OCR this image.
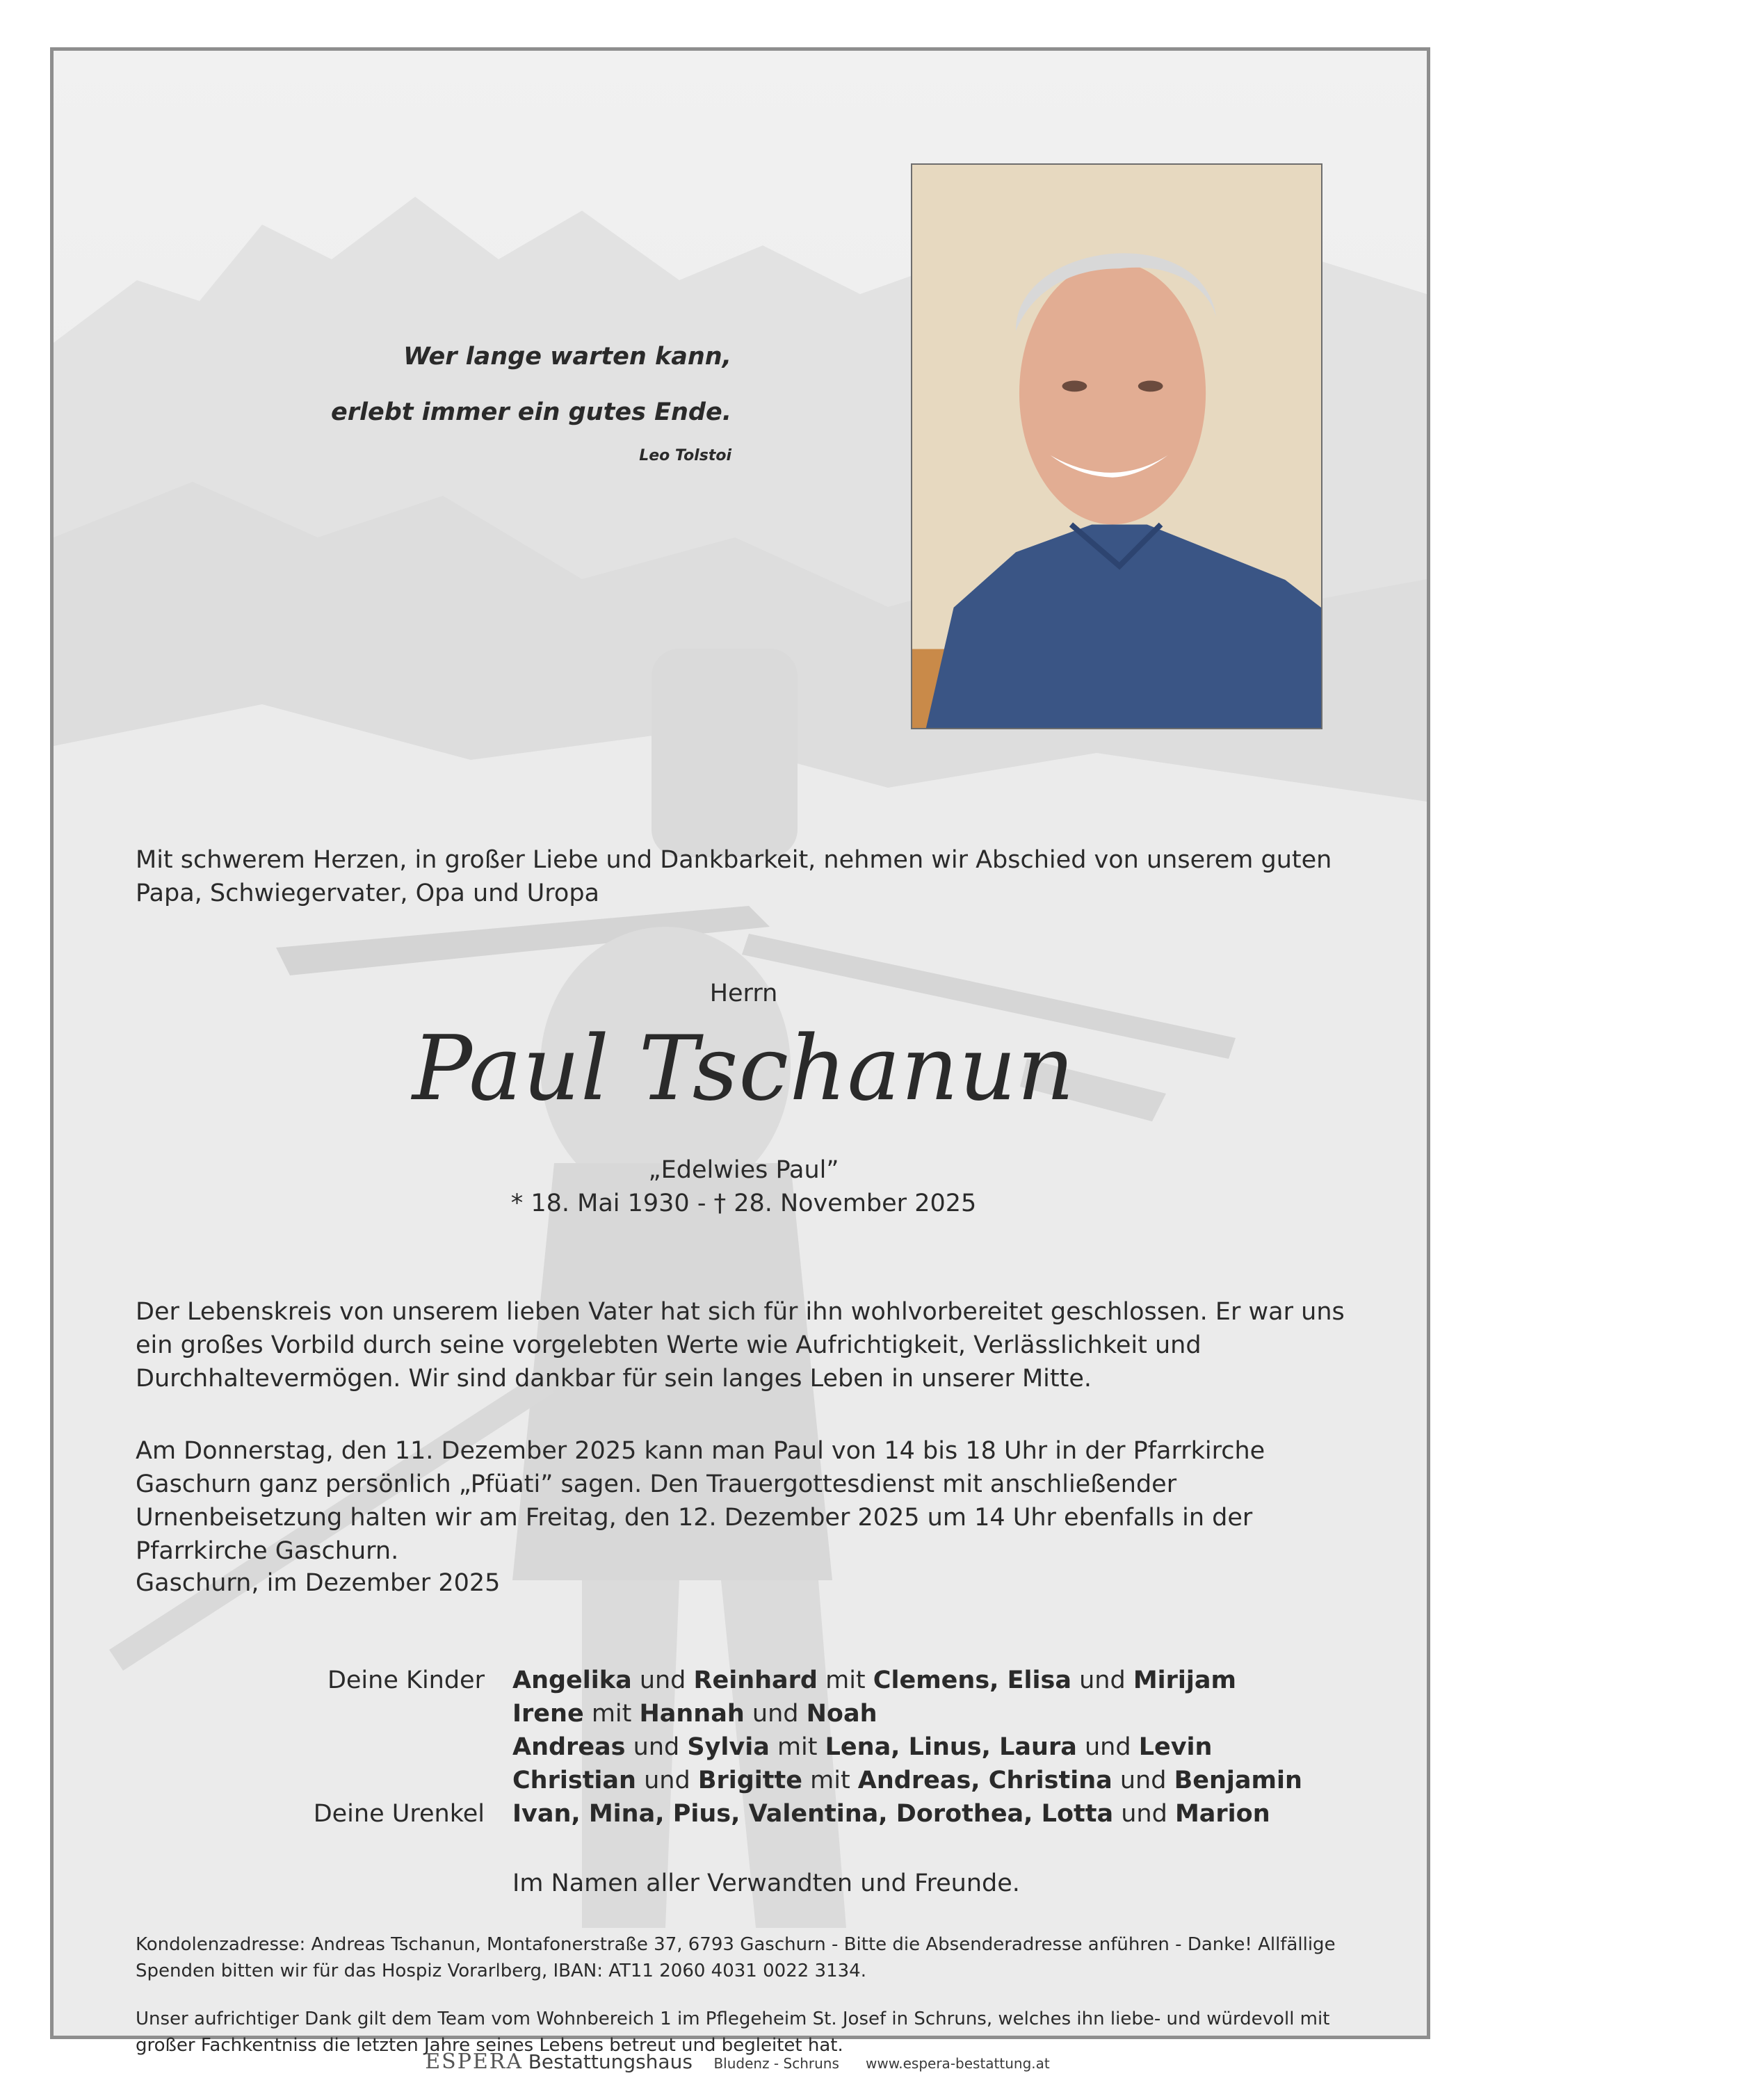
Wer lange warten kann,
erlebt immer ein gutes Ende.
Leo Tolstoi
Mit schwerem Herzen, in großer Liebe und Dankbarkeit, nehmen wir Abschied von unserem guten Papa, Schwiegervater, Opa und Uropa
Herrn
Paul Tschanun
„Edelwies Paul”
* 18. Mai 1930 - † 28. November 2025

Der Lebenskreis von unserem lieben Vater hat sich für ihn wohlvorbereitet geschlossen. Er war uns ein großes Vorbild durch seine vorgelebten Werte wie Aufrichtigkeit, Verlässlichkeit und Durchhaltevermögen. Wir sind dankbar für sein langes Leben in unserer Mitte.

Am Donnerstag, den 11. Dezember 2025 kann man Paul von 14 bis 18 Uhr in der Pfarrkirche Gaschurn ganz persönlich „Pfüati” sagen. Den Trauergottesdienst mit anschließender Urnenbeisetzung halten wir am Freitag, den 12. Dezember 2025 um 14 Uhr ebenfalls in der Pfarrkirche Gaschurn.

Gaschurn, im Dezember 2025
Deine Kinder	Angelika und Reinhard mit Clemens, Elisa und Mirijam
Irene mit Hannah und Noah
Andreas und Sylvia mit Lena, Linus, Laura und Levin
Christian und Brigitte mit Andreas, Christina und Benjamin
Deine Urenkel	Ivan, Mina, Pius, Valentina, Dorothea, Lotta und Marion
Im Namen aller Verwandten und Freunde.
Kondolenzadresse: Andreas Tschanun, Montafonerstraße 37, 6793 Gaschurn - Bitte die Absenderadresse anführen - Danke! Allfällige Spenden bitten wir für das Hospiz Vorarlberg, IBAN: AT11 2060 4031 0022 3134.
Unser aufrichtiger Dank gilt dem Team vom Wohnbereich 1 im Pflegeheim St. Josef in Schruns, welches ihn liebe- und würdevoll mit großer Fachkentniss die letzten Jahre seines Lebens betreut und begleitet hat.
ESPERA Bestattungshaus Bludenz - Schruns www.espera-bestattung.at
